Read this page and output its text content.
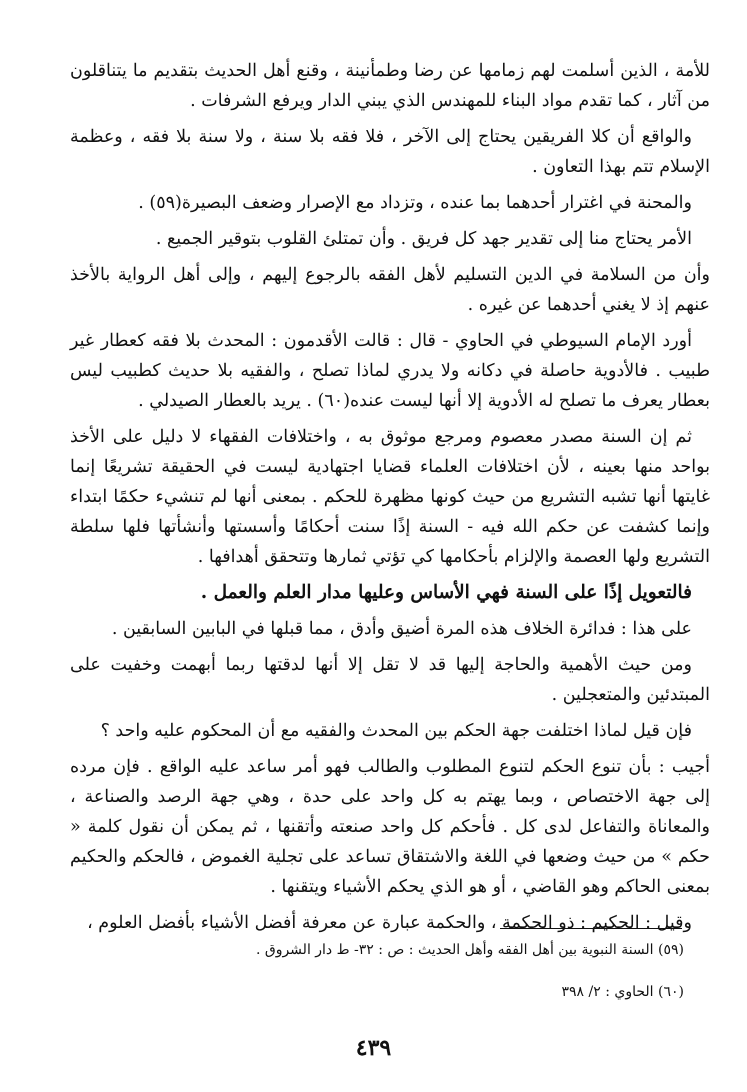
للأمة ، الذين أسلمت لهم زمامها عن رضا وطمأنينة ، وقنع أهل الحديث بتقديم ما يتناقلون من آثار ، كما تقدم مواد البناء للمهندس الذي يبني الدار ويرفع الشرفات .

والواقع أن كلا الفريقين يحتاج إلى الآخر ، فلا فقه بلا سنة ، ولا سنة بلا فقه ، وعظمة الإسلام تتم بهذا التعاون .

والمحنة في اغترار أحدهما بما عنده ، وتزداد مع الإصرار وضعف البصيرة(٥٩) .

الأمر يحتاج منا إلى تقدير جهد كل فريق . وأن تمتلئ القلوب بتوقير الجميع .

وأن من السلامة في الدين التسليم لأهل الفقه بالرجوع إليهم ، وإلى أهل الرواية بالأخذ عنهم إذ لا يغني أحدهما عن غيره .

أورد الإمام السيوطي في الحاوي - قال : قالت الأقدمون : المحدث بلا فقه كعطار غير طبيب . فالأدوية حاصلة في دكانه ولا يدري لماذا تصلح ، والفقيه بلا حديث كطبيب ليس بعطار يعرف ما تصلح له الأدوية إلا أنها ليست عنده(٦٠) . يريد بالعطار الصيدلي .

ثم إن السنة مصدر معصوم ومرجع موثوق به ، واختلافات الفقهاء لا دليل على الأخذ بواحد منها بعينه ، لأن اختلافات العلماء قضايا اجتهادية ليست في الحقيقة تشريعًا إنما غايتها أنها تشبه التشريع من حيث كونها مظهرة للحكم . بمعنى أنها لم تنشيء حكمًا ابتداء وإنما كشفت عن حكم الله فيه - السنة إذًا سنت أحكامًا وأسستها وأنشأتها فلها سلطة التشريع ولها العصمة والإلزام بأحكامها كي تؤتي ثمارها وتتحقق أهدافها .

فالتعويل إذًا على السنة فهي الأساس وعليها مدار العلم والعمل .

على هذا : فدائرة الخلاف هذه المرة أضيق وأدق ، مما قبلها في البابين السابقين .

ومن حيث الأهمية والحاجة إليها قد لا تقل إلا أنها لدقتها ربما أبهمت وخفيت على المبتدئين والمتعجلين .

فإن قيل لماذا اختلفت جهة الحكم بين المحدث والفقيه مع أن المحكوم عليه واحد ؟

أجيب : بأن تنوع الحكم لتنوع المطلوب والطالب فهو أمر ساعد عليه الواقع . فإن مرده إلى جهة الاختصاص ، وبما يهتم به كل واحد على حدة ، وهي جهة الرصد والصناعة ، والمعاناة والتفاعل لدى كل . فأحكم كل واحد صنعته وأتقنها ، ثم يمكن أن نقول كلمة « حكم » من حيث وضعها في اللغة والاشتقاق تساعد على تجلية الغموض ، فالحكم والحكيم بمعنى الحاكم وهو القاضي ، أو هو الذي يحكم الأشياء ويتقنها .

وقيل : الحكيم : ذو الحكمة ، والحكمة عبارة عن معرفة أفضل الأشياء بأفضل العلوم ،

(٥٩) السنة النبوية بين أهل الفقه وأهل الحديث : ص : ٣٢- ط دار الشروق .

(٦٠) الحاوي : ٢/ ٣٩٨

٤٣٩
